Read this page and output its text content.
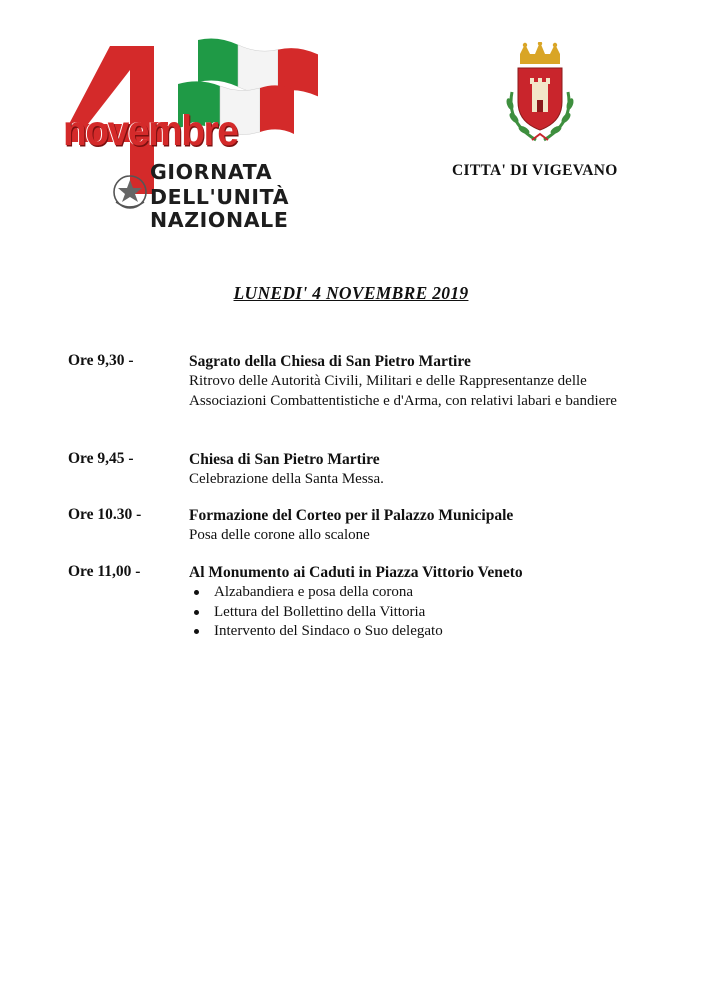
novembre
GIORNATA
DELL'UNITÀ
NAZIONALE
CITTA' DI VIGEVANO
LUNEDI' 4 NOVEMBRE 2019
Ore 9,30 -	Sagrato della Chiesa di San Pietro Martire
Ritrovo delle Autorità Civili, Militari e delle Rappresentanze delle Associazioni Combattentistiche e d'Arma, con relativi labari e bandiere
Ore 9,45 -	Chiesa di San Pietro Martire
Celebrazione della Santa Messa.
Ore 10.30 -	Formazione del Corteo per il Palazzo Municipale
Posa delle corone allo scalone
Ore 11,00 -	Al Monumento ai Caduti in Piazza Vittorio Veneto
Alzabandiera e posa della corona
Lettura del Bollettino della Vittoria
Intervento del Sindaco o Suo delegato
